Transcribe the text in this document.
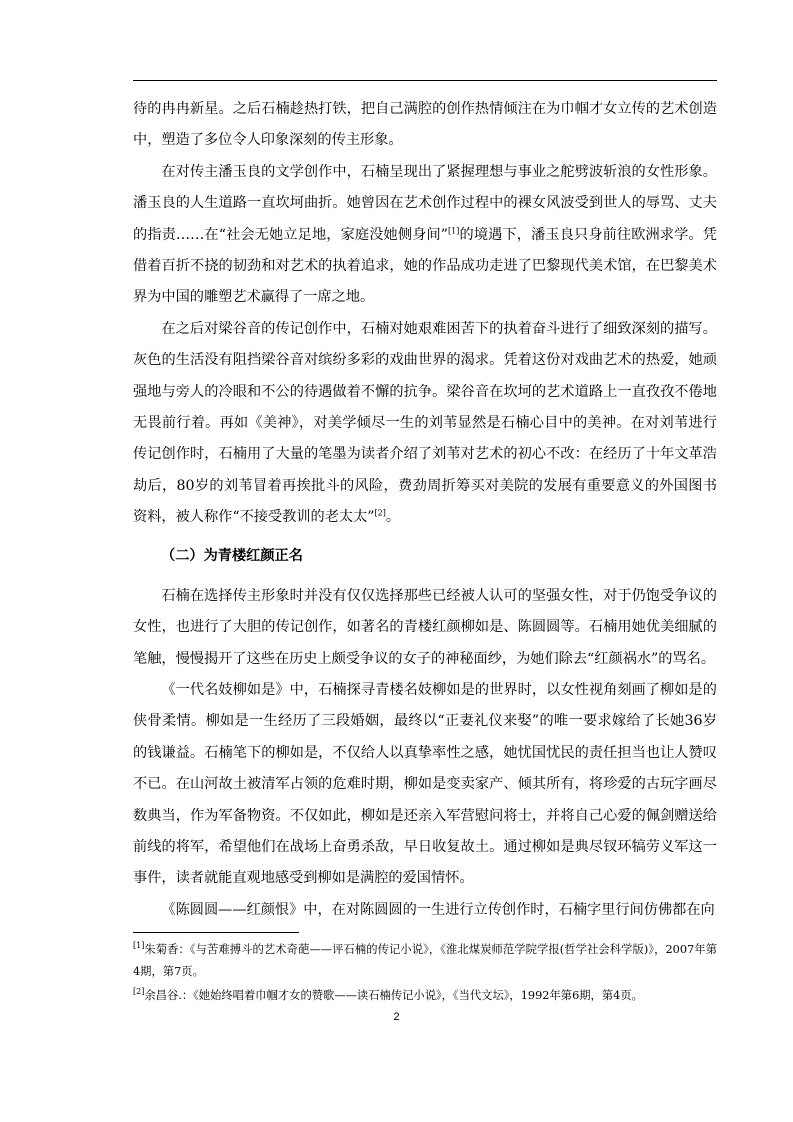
待的冉冉新星。之后石楠趁热打铁，把自己满腔的创作热情倾注在为巾帼才女立传的艺术创造中，塑造了多位令人印象深刻的传主形象。

在对传主潘玉良的文学创作中，石楠呈现出了紧握理想与事业之舵劈波斩浪的女性形象。潘玉良的人生道路一直坎坷曲折。她曾因在艺术创作过程中的裸女风波受到世人的辱骂、丈夫的指责……在“社会无她立足地，家庭没她侧身间”[1]的境遇下，潘玉良只身前往欧洲求学。凭借着百折不挠的韧劲和对艺术的执着追求，她的作品成功走进了巴黎现代美术馆，在巴黎美术界为中国的雕塑艺术赢得了一席之地。

在之后对梁谷音的传记创作中，石楠对她艰难困苦下的执着奋斗进行了细致深刻的描写。灰色的生活没有阻挡梁谷音对缤纷多彩的戏曲世界的渴求。凭着这份对戏曲艺术的热爱，她顽强地与旁人的冷眼和不公的待遇做着不懈的抗争。梁谷音在坎坷的艺术道路上一直孜孜不倦地无畏前行着。再如《美神》，对美学倾尽一生的刘苇显然是石楠心目中的美神。在对刘苇进行传记创作时，石楠用了大量的笔墨为读者介绍了刘苇对艺术的初心不改：在经历了十年文革浩劫后，80岁的刘苇冒着再挨批斗的风险，费劲周折筹买对美院的发展有重要意义的外国图书资料，被人称作“不接受教训的老太太”[2]。

（二）为青楼红颜正名

石楠在选择传主形象时并没有仅仅选择那些已经被人认可的坚强女性，对于仍饱受争议的女性，也进行了大胆的传记创作，如著名的青楼红颜柳如是、陈圆圆等。石楠用她优美细腻的笔触，慢慢揭开了这些在历史上颇受争议的女子的神秘面纱，为她们除去“红颜祸水”的骂名。

《一代名妓柳如是》中，石楠探寻青楼名妓柳如是的世界时，以女性视角刻画了柳如是的侠骨柔情。柳如是一生经历了三段婚姻，最终以“正妻礼仪来娶”的唯一要求嫁给了长她36岁的钱谦益。石楠笔下的柳如是，不仅给人以真挚率性之感，她忧国忧民的责任担当也让人赞叹不已。在山河故土被清军占领的危难时期，柳如是变卖家产、倾其所有，将珍爱的古玩字画尽数典当，作为军备物资。不仅如此，柳如是还亲入军营慰问将士，并将自己心爱的佩剑赠送给前线的将军，希望他们在战场上奋勇杀敌，早日收复故土。通过柳如是典尽钗环犒劳义军这一事件，读者就能直观地感受到柳如是满腔的爱国情怀。

《陈圆圆——红颜恨》中，在对陈圆圆的一生进行立传创作时，石楠字里行间仿佛都在向

[1]朱菊香：《与苦难搏斗的艺术奇葩——评石楠的传记小说》，《淮北煤炭师范学院学报(哲学社会科学版)》，2007年第4期，第7页。

[2]余昌谷.：《她始终唱着巾帼才女的赞歌——读石楠传记小说》，《当代文坛》，1992年第6期，第4页。

2
